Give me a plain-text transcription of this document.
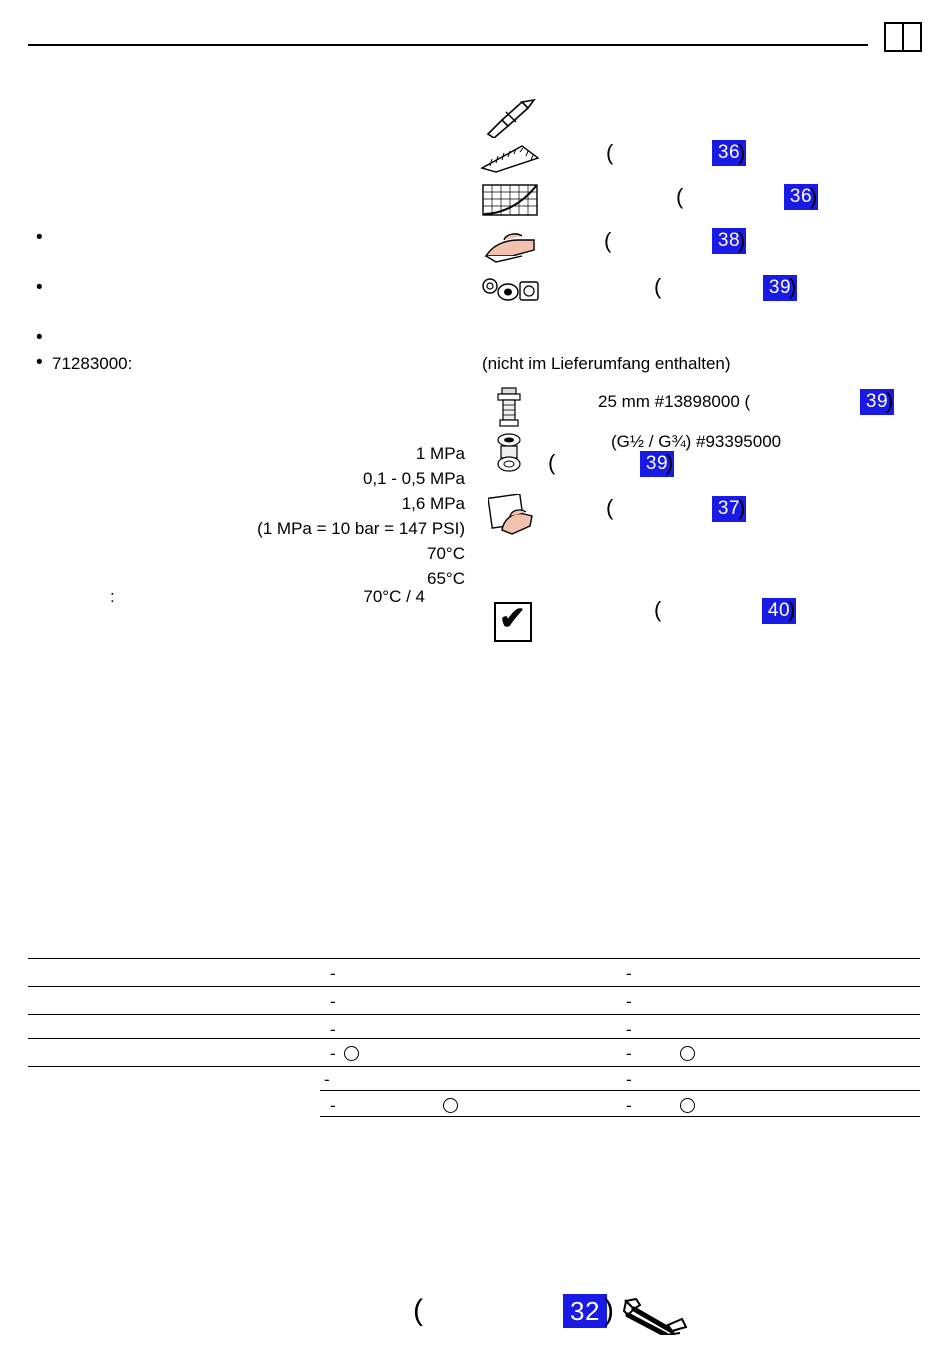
✔
•
•
•
• 71283000:	(nicht im Lieferumfang enthalten)
25 mm #13898000 (
(G½ / G¾) #93395000
1 MPa
0,1 - 0,5 MPa
1,6 MPa
(1 MPa = 10 bar = 147 PSI)
70°C
65°C
:	70°C / 4
(	36
)
(	36
)
(	38
)
(	39
)
39
)
(	39
)
(	37
)
(	40
)
-	-
-	-
-	-
-	-
-	-
-	-
(	32 )
